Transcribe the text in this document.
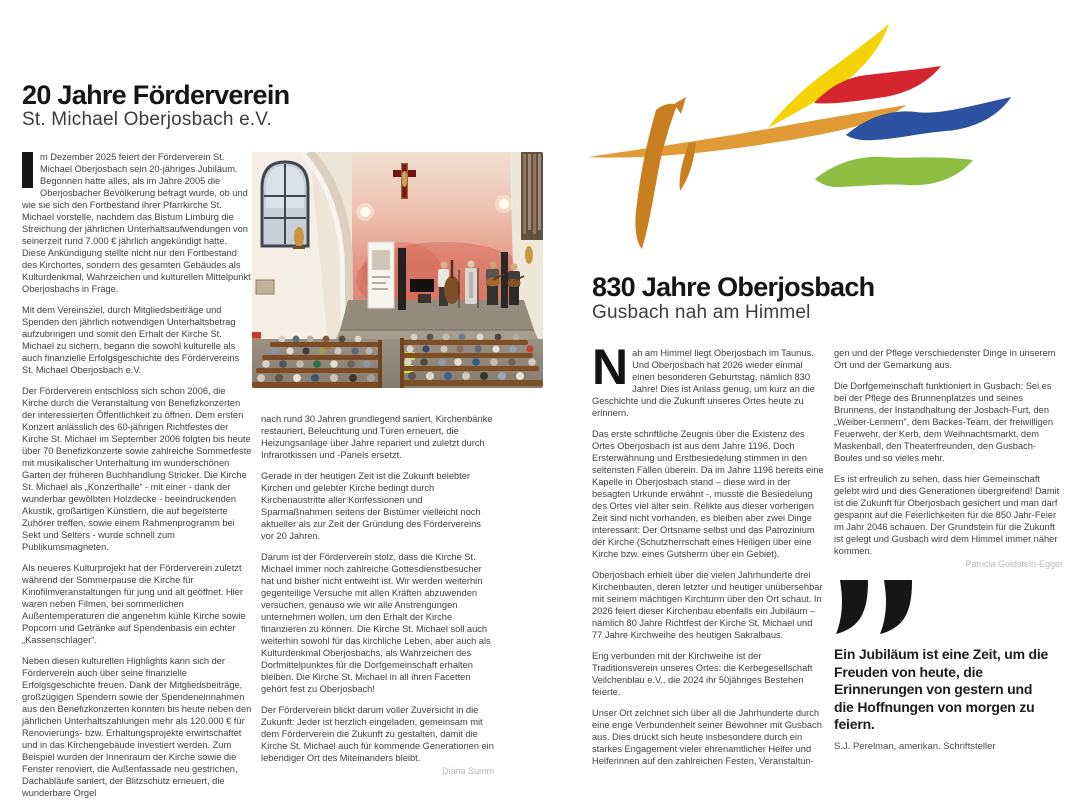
20 Jahre Förderverein
St. Michael Oberjosbach e.V.

m Dezember 2025 feiert der Förderverein St. Michael Oberjosbach sein 20-jähriges Jubiläum. Begonnen hatte alles, als im Jahre 2005 die Oberjosbacher Bevölkerung befragt wurde, ob und wie sie sich den Fortbestand ihrer Pfarrkirche St. Michael vorstelle, nachdem das Bistum Limburg die Streichung der jährlichen Unterhaltsaufwendungen von seinerzeit rund 7.000 € jährlich angekündigt hatte. Diese Ankündigung stellte nicht nur den Fortbestand des Kirchortes, sondern des gesamten Gebäudes als Kulturdenkmal, Wahrzeichen und kulturellen Mittelpunkt Oberjosbachs in Frage.

Mit dem Vereinsziel, durch Mitgliedsbeiträge und Spenden den jährlich notwendigen Unterhaltsbetrag aufzubringen und somit den Erhalt der Kirche St. Michael zu sichern, begann die sowohl kulturelle als auch finanzielle Erfolgsgeschichte des Fördervereins St. Michael Oberjosbach e.V.

Der Förderverein entschloss sich schon 2006, die Kirche durch die Veranstaltung von Benefizkonzerten der interessierten Öffentlichkeit zu öffnen. Dem ersten Konzert anlässlich des 60-jährigen Richtfestes der Kirche St. Michael im September 2006 folgten bis heute über 70 Benefizkonzerte sowie zahlreiche Sommerfeste mit musikalischer Unterhaltung im wunderschönen Garten der früheren Buchhandlung Stricker. Die Kirche St. Michael als „Konzerthalle“ - mit einer - dank der wunderbar gewölbten Holzdecke - beeindruckenden Akustik, großartigen Künstlern, die auf begeisterte Zuhörer treffen, sowie einem Rahmenprogramm bei Sekt und Selters - wurde schnell zum Publikumsmagneten.

Als neueres Kulturprojekt hat der Förderverein zuletzt während der Sommerpause die Kirche für Kinofilmveranstaltungen für jung und alt geöffnet. Hier waren neben Filmen, bei sommerlichen Außentemperaturen die angenehm kühle Kirche sowie Popcorn und Getränke auf Spendenbasis ein echter „Kassenschlager“.

Neben diesen kulturellen Highlights kann sich der Förderverein auch über seine finanzielle Erfolgsgeschichte freuen. Dank der Mitgliedsbeiträge, großzügigen Spendern sowie der Spendeneinnahmen aus den Benefizkonzerten konnten bis heute neben den jährlichen Unterhaltszahlungen mehr als 120.000 € für Renovierungs- bzw. Erhaltungsprojekte erwirtschaftet und in das Kirchengebäude investiert werden. Zum Beispiel wurden der Innenraum der Kirche sowie die Fenster renoviert, die Außenfassade neu gestrichen, Dachabläufe saniert, der Blitzschutz erneuert, die wunderbare Orgel

nach rund 30 Jahren grundlegend saniert, Kirchenbänke restauriert, Beleuchtung und Türen erneuert, die Heizungsanlage über Jahre repariert und zuletzt durch Infrarotkissen und -Panels ersetzt.

Gerade in der heutigen Zeit ist die Zukunft belebter Kirchen und gelebter Kirche bedingt durch Kirchenaustritte aller Konfessionen und Sparmaßnahmen seitens der Bistümer vielleicht noch aktueller als zur Zeit der Gründung des Fördervereins vor 20 Jahren.

Darum ist der Förderverein stolz, dass die Kirche St. Michael immer noch zahlreiche Gottesdienstbesucher hat und bisher nicht entweiht ist. Wir werden weiterhin gegenteilige Versuche mit allen Kräften abzuwenden versuchen, genauso wie wir alle Anstrengungen unternehmen wollen, um den Erhalt der Kirche finanzieren zu können. Die Kirche St. Michael soll auch weiterhin sowohl für das kirchliche Leben, aber auch als Kulturdenkmal Oberjosbachs, als Wahrzeichen des Dorfmittelpunktes für die Dorfgemeinschaft erhalten bleiben. Die Kirche St. Michael in all ihren Facetten gehört fest zu Oberjosbach!

Der Förderverein blickt darum voller Zuversicht in die Zukunft: Jeder ist herzlich eingeladen, gemeinsam mit dem Förderverein die Zukunft zu gestalten, damit die Kirche St. Michael auch für kommende Generationen ein lebendiger Ort des Miteinanders bleibt.

Diana Summ
830 Jahre Oberjosbach
Gusbach nah am Himmel

Nah am Himmel liegt Oberjosbach im Taunus. Und Oberjosbach hat 2026 wieder einmal einen besonderen Geburtstag, nämlich 830 Jahre! Dies ist Anlass genug, um kurz an die Geschichte und die Zukunft unseres Ortes heute zu erinnern.

Das erste schriftliche Zeugnis über die Existenz des Ortes Oberjosbach ist aus dem Jahre 1196. Doch Ersterwähnung und Erstbesiedelung stimmen in den seltensten Fällen überein. Da im Jahre 1196 bereits eine Kapelle in Oberjosbach stand – diese wird in der besagten Urkunde erwähnt -, musste die Besiedelung des Ortes viel älter sein. Relikte aus dieser vorherigen Zeit sind nicht vorhanden, es bleiben aber zwei Dinge interessant: Der Ortsname selbst und das Patrozinium der Kirche (Schutzherrschaft eines Heiligen über eine Kirche bzw. eines Gutsherrn über ein Gebiet).

Oberjosbach erhielt über die vielen Jahrhunderte drei Kirchenbauten, deren letzter und heutiger unübersehbar mit seinem mächtigen Kirchturm über den Ort schaut. In 2026 feiert dieser Kirchenbau ebenfalls ein Jubiläum – nämlich 80 Jahre Richtfest der Kirche St. Michael und 77 Jahre Kirchweihe des heutigen Sakralbaus.

Eng verbunden mit der Kirchweihe ist der Traditionsverein unseres Ortes: die Kerbegesellschaft Veilchenblau e.V., die 2024 ihr 50jähriges Bestehen feierte.

Unser Ort zeichnet sich über all die Jahrhunderte durch eine enge Verbundenheit seiner Bewohner mit Gusbach aus. Dies drückt sich heute insbesondere durch ein starkes Engagement vieler ehrenamtlicher Helfer und Helferinnen auf den zahlreichen Festen, Veranstaltun-

gen und der Pflege verschiedenster Dinge in unserem Ort und der Gemarkung aus.

Die Dorfgemeinschaft funktioniert in Gusbach: Sei es bei der Pflege des Brunnenplatzes und seines Brunnens, der Instandhaltung der Josbach-Furt, den „Weiber-Lennern“, dem Backes-Team, der freiwilligen Feuerwehr, der Kerb, dem Weihnachtsmarkt, dem Maskenball, den Theaterfreunden, den Gusbach-Boules und so vieles mehr.

Es ist erfreulich zu sehen, dass hier Gemeinschaft gelebt wird und dies Generationen übergreifend! Damit ist die Zukunft für Oberjosbach gesichert und man darf gespannt auf die Feierlichkeiten für die 850 Jahr-Feier im Jahr 2046 schauen. Der Grundstein für die Zukunft ist gelegt und Gusbach wird dem Himmel immer näher kommen.

Patricia Goldstein-Egger
Ein Jubiläum ist eine Zeit, um die Freuden von heute, die Erinnerungen von gestern und die Hoffnungen von morgen zu feiern.
S.J. Perelman, amerikan. Schriftsteller
